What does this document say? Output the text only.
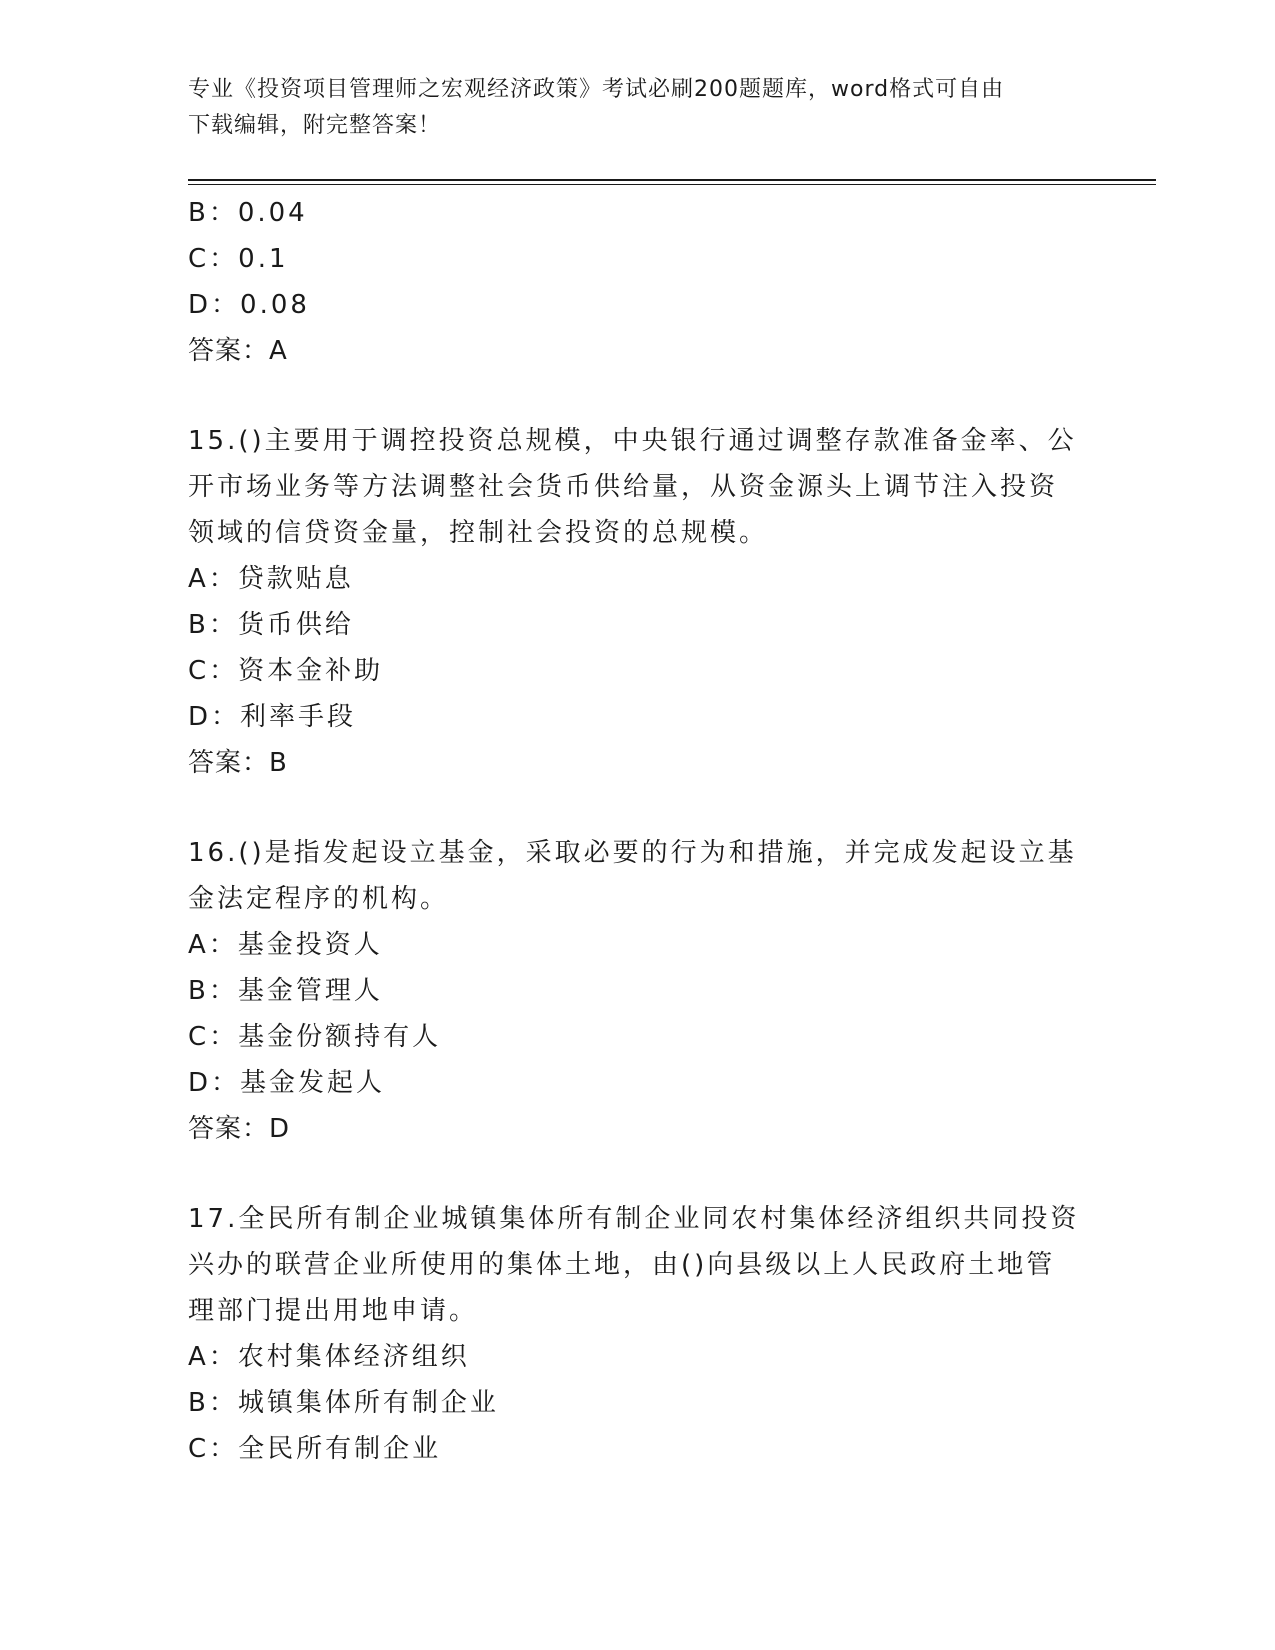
专业《投资项目管理师之宏观经济政策》考试必刷200题题库，word格式可自由
下载编辑，附完整答案！
B：0.04
C：0.1
D：0.08
答案：A
15.()主要用于调控投资总规模，中央银行通过调整存款准备金率、公
开市场业务等方法调整社会货币供给量，从资金源头上调节注入投资
领域的信贷资金量，控制社会投资的总规模。
A：贷款贴息
B：货币供给
C：资本金补助
D：利率手段
答案：B
16.()是指发起设立基金，采取必要的行为和措施，并完成发起设立基
金法定程序的机构。
A：基金投资人
B：基金管理人
C：基金份额持有人
D：基金发起人
答案：D
17.全民所有制企业城镇集体所有制企业同农村集体经济组织共同投资
兴办的联营企业所使用的集体土地，由()向县级以上人民政府土地管
理部门提出用地申请。
A：农村集体经济组织
B：城镇集体所有制企业
C：全民所有制企业
